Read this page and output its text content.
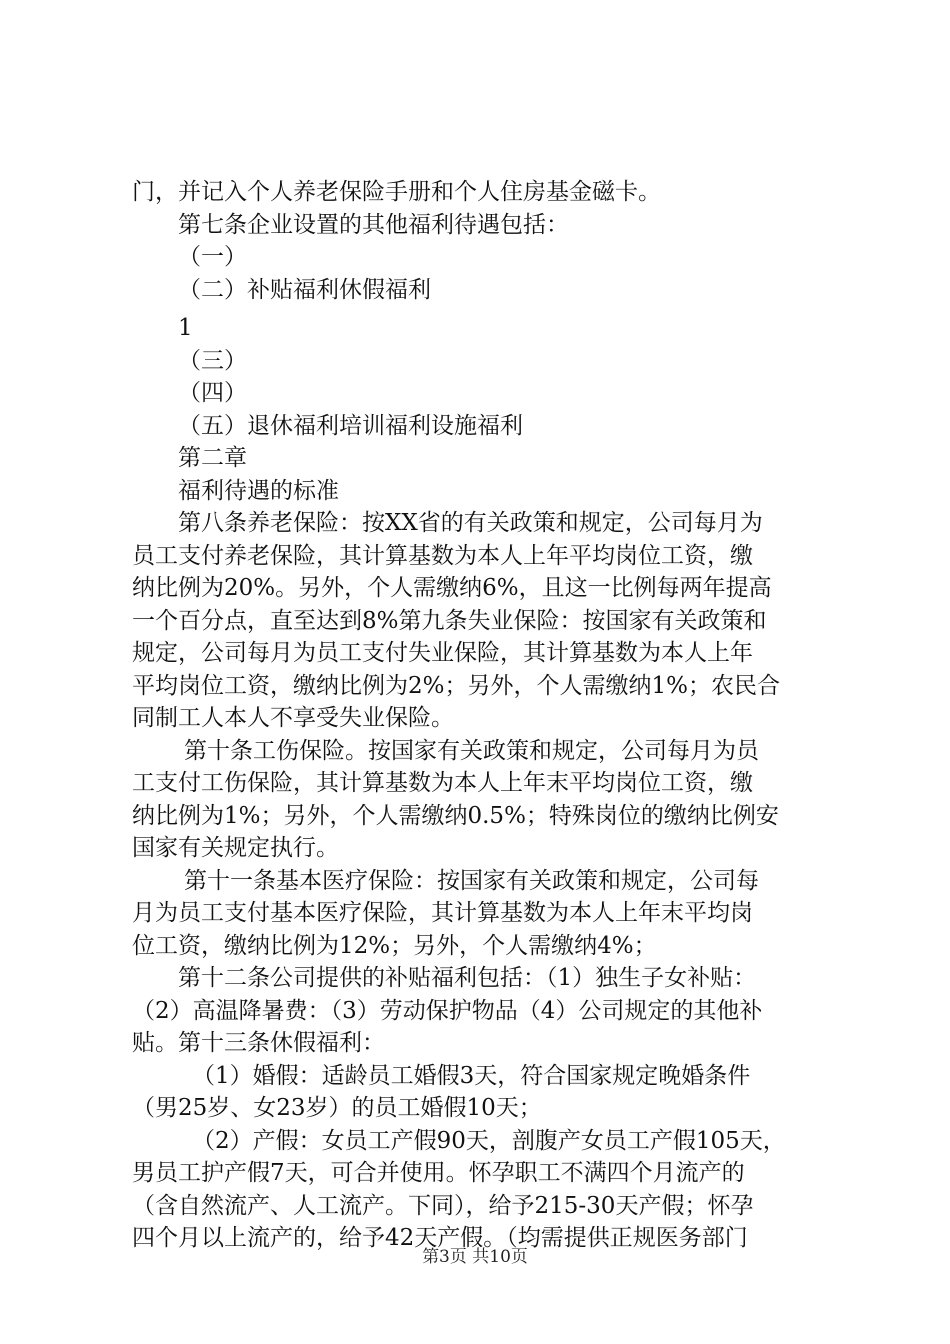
门，并记入个人养老保险手册和个人住房基金磁卡。
第七条企业设置的其他福利待遇包括：
（一）
（二）补贴福利休假福利
1
（三）
（四）
（五）退休福利培训福利设施福利
第二章
福利待遇的标准
第八条养老保险：按XX省的有关政策和规定，公司每月为
员工支付养老保险，其计算基数为本人上年平均岗位工资，缴
纳比例为20%。另外，个人需缴纳6%，且这一比例每两年提高
一个百分点，直至达到8%第九条失业保险：按国家有关政策和
规定，公司每月为员工支付失业保险，其计算基数为本人上年
平均岗位工资，缴纳比例为2%；另外，个人需缴纳1%；农民合
同制工人本人不享受失业保险。
第十条工伤保险。按国家有关政策和规定，公司每月为员
工支付工伤保险，其计算基数为本人上年末平均岗位工资，缴
纳比例为1%；另外，个人需缴纳0.5%；特殊岗位的缴纳比例安
国家有关规定执行。
第十一条基本医疗保险：按国家有关政策和规定，公司每
月为员工支付基本医疗保险，其计算基数为本人上年末平均岗
位工资，缴纳比例为12%；另外，个人需缴纳4%；
第十二条公司提供的补贴福利包括：（1）独生子女补贴：
（2）高温降暑费：（3）劳动保护物品（4）公司规定的其他补
贴。第十三条休假福利：
（1）婚假：适龄员工婚假3天，符合国家规定晚婚条件
（男25岁、女23岁）的员工婚假10天；
（2）产假：女员工产假90天，剖腹产女员工产假105天，
男员工护产假7天，可合并使用。怀孕职工不满四个月流产的
（含自然流产、人工流产。下同），给予215-30天产假；怀孕
四个月以上流产的，给予42天产假。（均需提供正规医务部门
第3页 共10页
